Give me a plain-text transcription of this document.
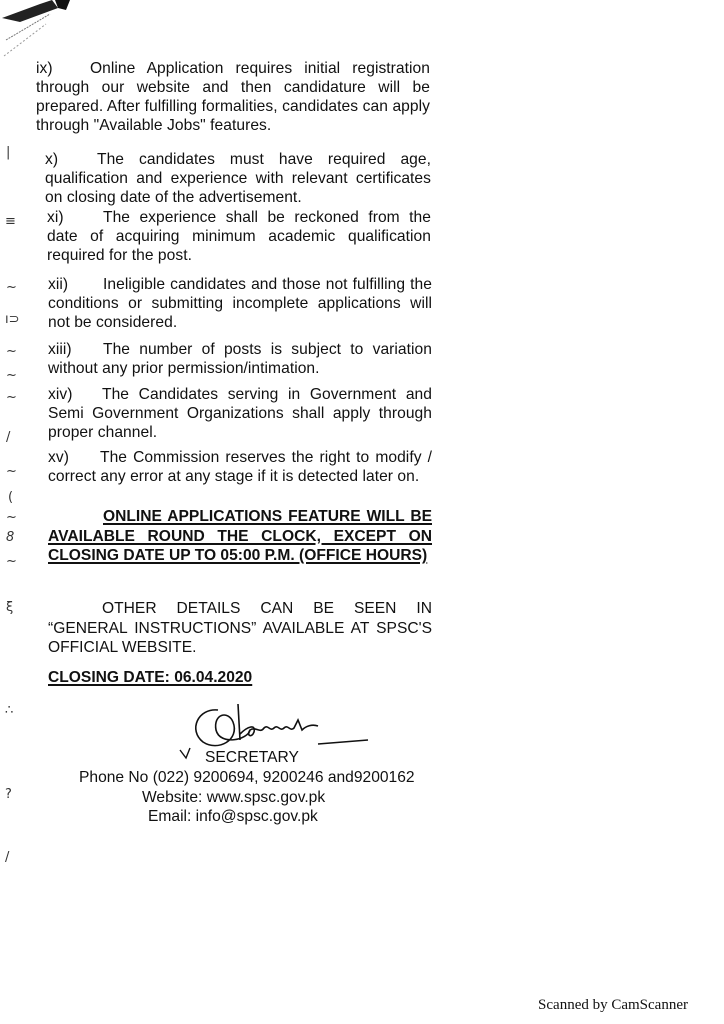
ix) Online Application requires initial registration through our website and then candidature will be prepared. After fulfilling formalities, candidates can apply through "Available Jobs" features.
x) The candidates must have required age, qualification and experience with relevant certificates on closing date of the advertisement.
xi)	The experience shall be reckoned from the date of acquiring minimum academic qualification required for the post.
xii) Ineligible candidates and those not fulfilling the conditions or submitting incomplete applications will not be considered.
xiii) The number of posts is subject to variation without any prior permission/intimation.
xiv) The Candidates serving in Government and Semi Government Organizations shall apply through proper channel.
xv) The Commission reserves the right to modify / correct any error at any stage if it is detected later on.
ONLINE APPLICATIONS FEATURE WILL BE AVAILABLE ROUND THE CLOCK, EXCEPT ON CLOSING DATE UP TO 05:00 P.M. (OFFICE HOURS)
OTHER DETAILS CAN BE SEEN IN “GENERAL INSTRUCTIONS” AVAILABLE AT SPSC'S OFFICIAL WEBSITE.
CLOSING DATE: 06.04.2020
SECRETARY
Phone No (022) 9200694, 9200246 and9200162
Website: www.spsc.gov.pk
Email: info@spsc.gov.pk
|
≡
~
ı⊃
~
~
~
/
~
(
~
8
~
ξ
∴
?
/
Scanned by CamScanner
